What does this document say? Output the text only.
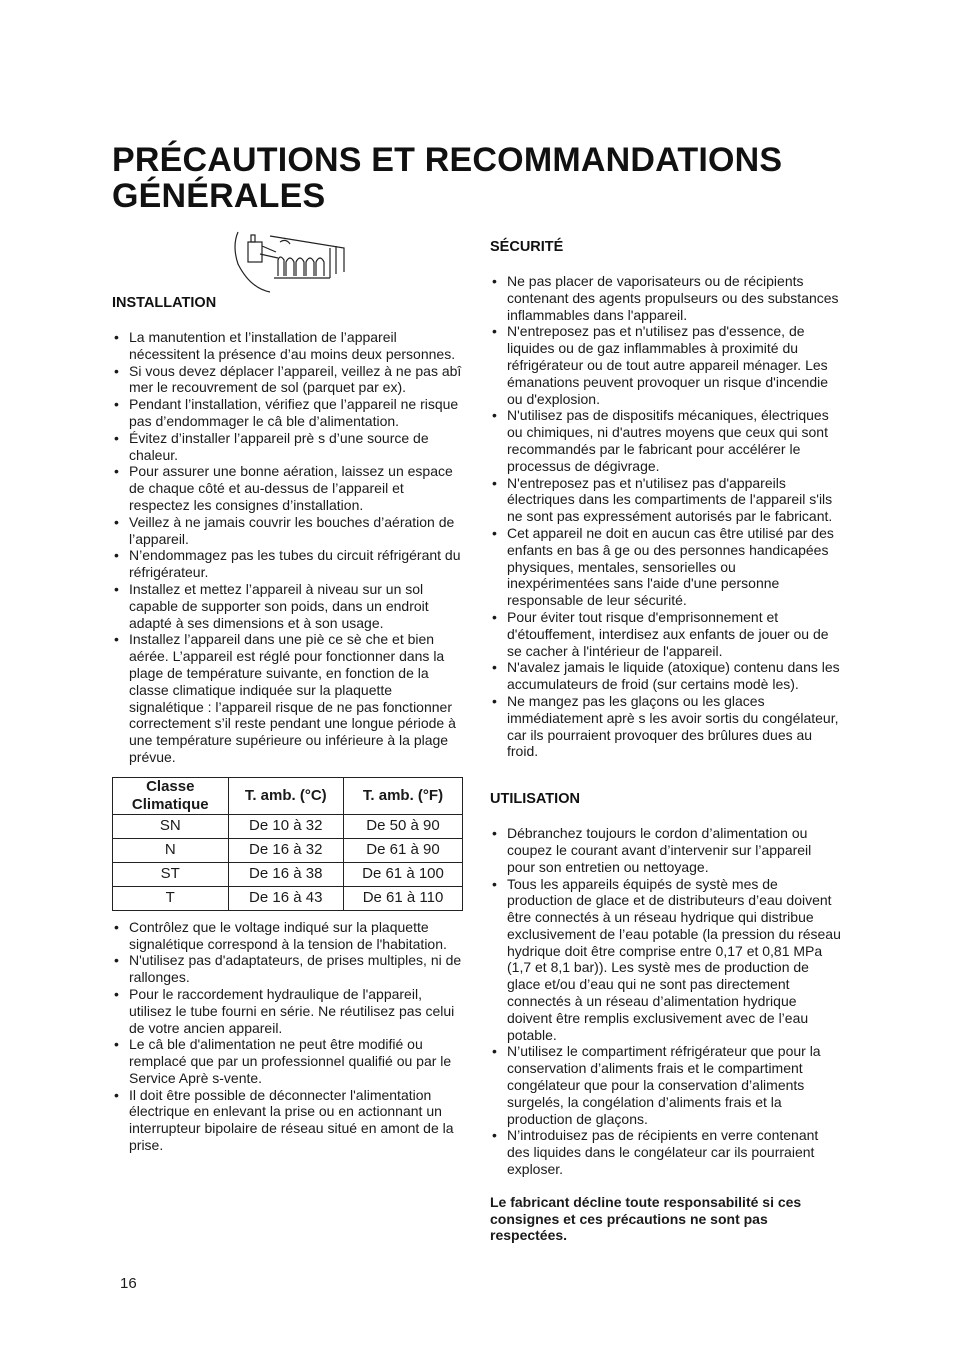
PRÉCAUTIONS ET RECOMMANDATIONS GÉNÉRALES
INSTALLATION
• La manutention et l’installation de l’appareil nécessitent la présence d’au moins deux personnes.
• Si vous devez déplacer l’appareil, veillez à ne pas abî mer le recouvrement de sol (parquet par ex).
• Pendant l’installation, vérifiez que l’appareil ne risque pas d’endommager le câ ble d’alimentation.
• Évitez d’installer l’appareil prè s d’une source de chaleur.
• Pour assurer une bonne aération, laissez un espace de chaque côté et au-dessus de l’appareil et respectez les consignes d’installation.
• Veillez à ne jamais couvrir les bouches d’aération de l’appareil.
• N’endommagez pas les tubes du circuit réfrigérant du réfrigérateur.
• Installez et mettez l’appareil à niveau sur un sol capable de supporter son poids, dans un endroit adapté à ses dimensions et à son usage.
• Installez l’appareil dans une piè ce sè che et bien aérée. L’appareil est réglé pour fonctionner dans la plage de température suivante, en fonction de la classe climatique indiquée sur la plaquette signalétique : l’appareil risque de ne pas fonctionner correctement s’il reste pendant une longue période à une température supérieure ou inférieure à la plage prévue.
Classe Climatique	T. amb. (°C)	T. amb. (°F)
SN	De 10 à 32	De 50 à 90
N	De 16 à 32	De 61 à 90
ST	De 16 à 38	De 61 à 100
T	De 16 à 43	De 61 à 110
• Contrôlez que le voltage indiqué sur la plaquette signalétique correspond à la tension de l'habitation.
• N'utilisez pas d'adaptateurs, de prises multiples, ni de rallonges.
• Pour le raccordement hydraulique de l'appareil, utilisez le tube fourni en série. Ne réutilisez pas celui de votre ancien appareil.
• Le câ ble d'alimentation ne peut être modifié ou remplacé que par un professionnel qualifié ou par le Service Aprè s-vente.
• Il doit être possible de déconnecter l'alimentation électrique en enlevant la prise ou en actionnant un interrupteur bipolaire de réseau situé en amont de la prise.
SÉCURITÉ
• Ne pas placer de vaporisateurs ou de récipients contenant des agents propulseurs ou des substances inflammables dans l'appareil.
• N'entreposez pas et n'utilisez pas d'essence, de liquides ou de gaz inflammables à proximité du réfrigérateur ou de tout autre appareil ménager. Les émanations peuvent provoquer un risque d'incendie ou d'explosion.
• N'utilisez pas de dispositifs mécaniques, électriques ou chimiques, ni d'autres moyens que ceux qui sont recommandés par le fabricant pour accélérer le processus de dégivrage.
• N'entreposez pas et n'utilisez pas d'appareils électriques dans les compartiments de l'appareil s'ils ne sont pas expressément autorisés par le fabricant.
• Cet appareil ne doit en aucun cas être utilisé par des enfants en bas â ge ou des personnes handicapées physiques, mentales, sensorielles ou inexpérimentées sans l'aide d'une personne responsable de leur sécurité.
• Pour éviter tout risque d'emprisonnement et d'étouffement, interdisez aux enfants de jouer ou de se cacher à l'intérieur de l'appareil.
• N'avalez jamais le liquide (atoxique) contenu dans les accumulateurs de froid (sur certains modè les).
• Ne mangez pas les glaçons ou les glaces immédiatement aprè s les avoir sortis du congélateur, car ils pourraient provoquer des brûlures dues au froid.
UTILISATION
• Débranchez toujours le cordon d’alimentation ou coupez le courant avant d’intervenir sur l’appareil pour son entretien ou nettoyage.
• Tous les appareils équipés de systè mes de production de glace et de distributeurs d’eau doivent être connectés à un réseau hydrique qui distribue exclusivement de l’eau potable (la pression du réseau hydrique doit être comprise entre 0,17 et 0,81 MPa (1,7 et 8,1 bar)). Les systè mes de production de glace et/ou d’eau qui ne sont pas directement connectés à un réseau d’alimentation hydrique doivent être remplis exclusivement avec de l’eau potable.
• N’utilisez le compartiment réfrigérateur que pour la conservation d’aliments frais et le compartiment congélateur que pour la conservation d’aliments surgelés, la congélation d’aliments frais et la production de glaçons.
• N’introduisez pas de récipients en verre contenant des liquides dans le congélateur car ils pourraient exploser.

Le fabricant décline toute responsabilité si ces consignes et ces précautions ne sont pas respectées.

16
